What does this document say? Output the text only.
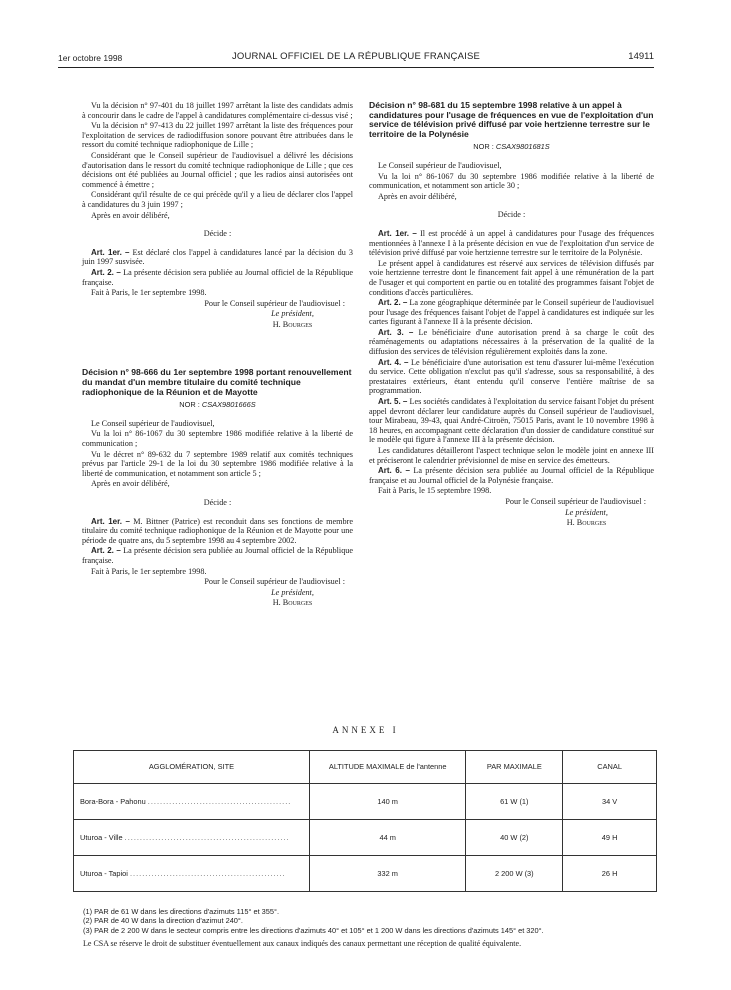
1er octobre 1998	JOURNAL OFFICIEL DE LA RÉPUBLIQUE FRANÇAISE	14911

Vu la décision n° 97-401 du 18 juillet 1997 arrêtant la liste des candidats admis à concourir dans le cadre de l'appel à candidatures complémentaire ci-dessus visé ;

Vu la décision n° 97-413 du 22 juillet 1997 arrêtant la liste des fréquences pour l'exploitation de services de radiodiffusion sonore pouvant être attribuées dans le ressort du comité technique radiophonique de Lille ;

Considérant que le Conseil supérieur de l'audiovisuel a délivré les décisions d'autorisation dans le ressort du comité technique radiophonique de Lille ; que ces décisions ont été publiées au Journal officiel ; que les radios ainsi autorisées ont commencé à émettre ;

Considérant qu'il résulte de ce qui précède qu'il y a lieu de déclarer clos l'appel à candidatures du 3 juin 1997 ;

Après en avoir délibéré,

Décide :

Art. 1er. – Est déclaré clos l'appel à candidatures lancé par la décision du 3 juin 1997 susvisée.

Art. 2. – La présente décision sera publiée au Journal officiel de la République française.

Fait à Paris, le 1er septembre 1998.

Pour le Conseil supérieur de l'audiovisuel :

Le président,

H. Bourges

Décision n° 98-666 du 1er septembre 1998 portant renouvellement du mandat d'un membre titulaire du comité technique radiophonique de la Réunion et de Mayotte

NOR : CSAX9801666S

Le Conseil supérieur de l'audiovisuel,

Vu la loi n° 86-1067 du 30 septembre 1986 modifiée relative à la liberté de communication ;

Vu le décret n° 89-632 du 7 septembre 1989 relatif aux comités techniques prévus par l'article 29-1 de la loi du 30 septembre 1986 modifiée relative à la liberté de communication, et notamment son article 5 ;

Après en avoir délibéré,

Décide :

Art. 1er. – M. Bittner (Patrice) est reconduit dans ses fonctions de membre titulaire du comité technique radiophonique de la Réunion et de Mayotte pour une période de quatre ans, du 5 septembre 1998 au 4 septembre 2002.

Art. 2. – La présente décision sera publiée au Journal officiel de la République française.

Fait à Paris, le 1er septembre 1998.

Pour le Conseil supérieur de l'audiovisuel :

Le président,

H. Bourges

Décision n° 98-681 du 15 septembre 1998 relative à un appel à candidatures pour l'usage de fréquences en vue de l'exploitation d'un service de télévision privé diffusé par voie hertzienne terrestre sur le territoire de la Polynésie

NOR : CSAX9801681S

Le Conseil supérieur de l'audiovisuel,

Vu la loi n° 86-1067 du 30 septembre 1986 modifiée relative à la liberté de communication, et notamment son article 30 ;

Après en avoir délibéré,

Décide :

Art. 1er. – Il est procédé à un appel à candidatures pour l'usage des fréquences mentionnées à l'annexe I à la présente décision en vue de l'exploitation d'un service de télévision privé diffusé par voie hertzienne terrestre sur le territoire de la Polynésie.

Le présent appel à candidatures est réservé aux services de télévision diffusés par voie hertzienne terrestre dont le financement fait appel à une rémunération de la part de l'usager et qui comportent en partie ou en totalité des programmes faisant l'objet de conditions d'accès particulières.

Art. 2. – La zone géographique déterminée par le Conseil supérieur de l'audiovisuel pour l'usage des fréquences faisant l'objet de l'appel à candidatures est indiquée sur les cartes figurant à l'annexe II à la présente décision.

Art. 3. – Le bénéficiaire d'une autorisation prend à sa charge le coût des réaménagements ou adaptations nécessaires à la préservation de la qualité de la diffusion des services de télévision régulièrement exploités dans la zone.

Art. 4. – Le bénéficiaire d'une autorisation est tenu d'assurer lui-même l'exécution du service. Cette obligation n'exclut pas qu'il s'adresse, sous sa responsabilité, à des prestataires extérieurs, étant entendu qu'il conserve l'entière maîtrise de sa programmation.

Art. 5. – Les sociétés candidates à l'exploitation du service faisant l'objet du présent appel devront déclarer leur candidature auprès du Conseil supérieur de l'audiovisuel, tour Mirabeau, 39-43, quai André-Citroën, 75015 Paris, avant le 10 novembre 1998 à 18 heures, en accompagnant cette déclaration d'un dossier de candidature constitué sur le modèle qui figure à l'annexe III à la présente décision.

Les candidatures détailleront l'aspect technique selon le modèle joint en annexe III et préciseront le calendrier prévisionnel de mise en service des émetteurs.

Art. 6. – La présente décision sera publiée au Journal officiel de la République française et au Journal officiel de la Polynésie française.

Fait à Paris, le 15 septembre 1998.

Pour le Conseil supérieur de l'audiovisuel :

Le président,

H. Bourges

ANNEXE I
AGGLOMÉRATION, SITE	ALTITUDE MAXIMALE de l'antenne	PAR MAXIMALE	CANAL
Bora-Bora - Pahonu ...............................................	140 m	61 W (1)	34 V
Uturoa - Ville ......................................................	44 m	40 W (2)	49 H
Uturoa - Tapioi ...................................................	332 m	2 200 W (3)	26 H
(1) PAR de 61 W dans les directions d'azimuts 115° et 355°.
(2) PAR de 40 W dans la direction d'azimut 240°.
(3) PAR de 2 200 W dans le secteur compris entre les directions d'azimuts 40° et 105° et 1 200 W dans les directions d'azimuts 145° et 320°.
Le CSA se réserve le droit de substituer éventuellement aux canaux indiqués des canaux permettant une réception de qualité équivalente.
